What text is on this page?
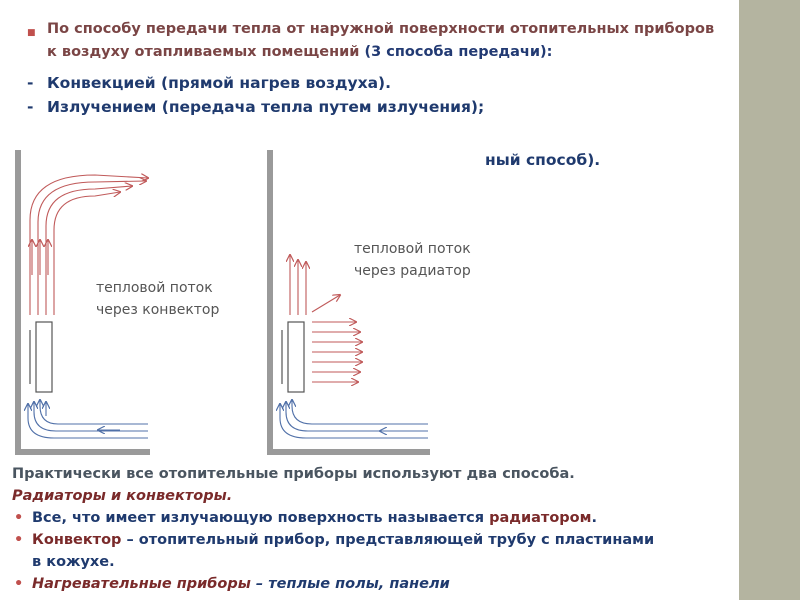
■ По способу передачи тепла от наружной поверхности отопительных приборов к воздуху отапливаемых помещений (3 способа передачи):
- Конвекцией (прямой нагрев воздуха).
- Излучением (передача тепла путем излучения);
тепловой поток
через конвектор
тепловой поток
через радиатор
ный способ).
Практически все отопительные приборы используют два способа.
Радиаторы и конвекторы.
• Все, что имеет излучающую поверхность называется радиатором.
• Конвектор – отопительный прибор, представляющей трубу с пластинами
в кожухе.
• Нагревательные приборы – теплые полы, панели
